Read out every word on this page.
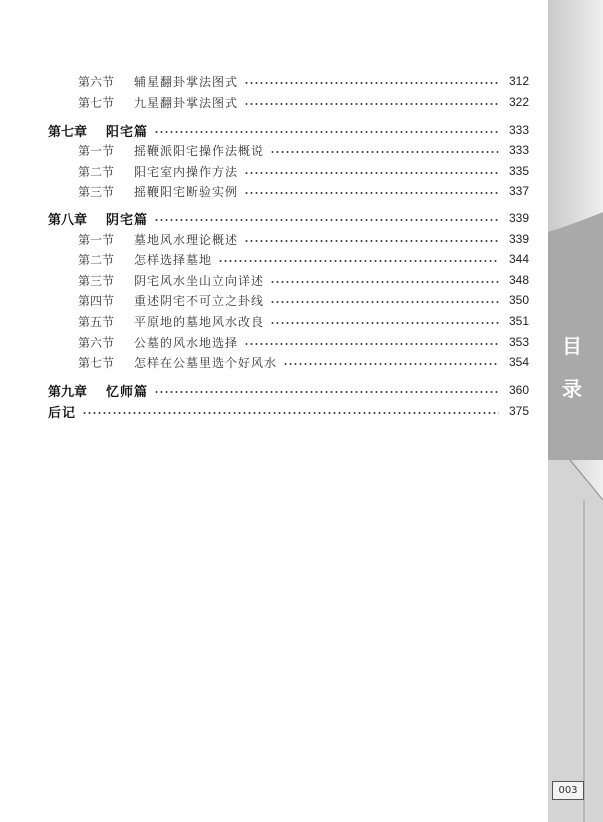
目
录
第六节	辅星翻卦掌法图式	312
第七节	九星翻卦掌法图式	322
第七章	阳宅篇	333
第一节	摇鞭派阳宅操作法概说	333
第二节	阳宅室内操作方法	335
第三节	摇鞭阳宅断验实例	337
第八章	阴宅篇	339
第一节	墓地风水理论概述	339
第二节	怎样选择墓地	344
第三节	阴宅风水坐山立向详述	348
第四节	重述阴宅不可立之卦线	350
第五节	平原地的墓地风水改良	351
第六节	公墓的风水地选择	353
第七节	怎样在公墓里选个好风水	354
第九章	忆师篇	360
后记	375
003
